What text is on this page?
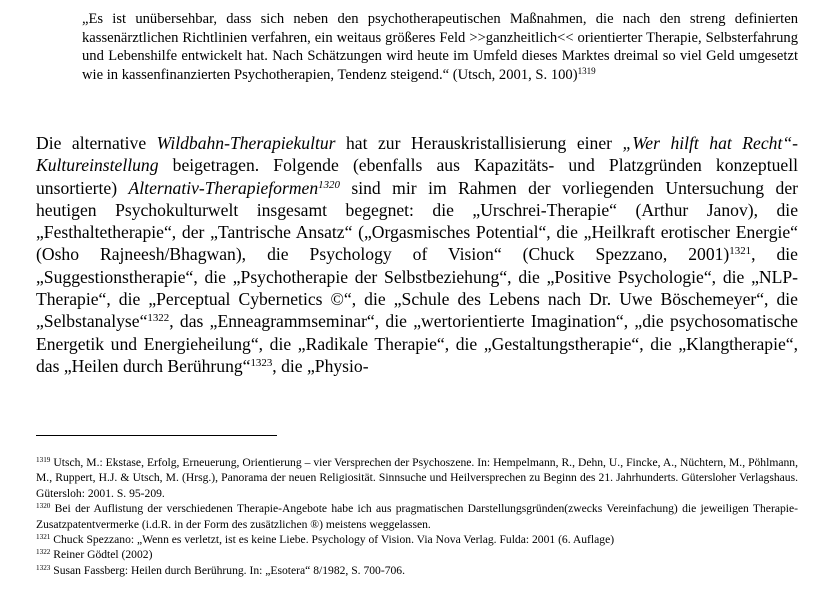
„Es ist unübersehbar, dass sich neben den psychotherapeutischen Maßnahmen, die nach den streng definierten kassenärztlichen Richtlinien verfahren, ein weitaus größeres Feld >>ganzheitlich<< orientierter Therapie, Selbsterfahrung und Lebenshilfe entwickelt hat. Nach Schätzungen wird heute im Umfeld dieses Marktes dreimal so viel Geld umgesetzt wie in kassenfinanzierten Psychotherapien, Tendenz steigend.“ (Utsch, 2001, S. 100)$^{1319}$
Die alternative Wildbahn-Therapiekultur hat zur Herauskristallisierung einer „Wer hilft hat Recht“-Kultureinstellung beigetragen. Folgende (ebenfalls aus Kapazitäts- und Platzgründen konzeptuell unsortierte) Alternativ-Therapieformen$^{1320}$ sind mir im Rahmen der vorliegenden Untersuchung der heutigen Psychokulturwelt insgesamt begegnet: die „Urschrei-Therapie“ (Arthur Janov), die „Festhaltetherapie“, der „Tantrische Ansatz“ („Orgasmisches Potential“, die „Heilkraft erotischer Energie“ (Osho Rajneesh/Bhagwan), die Psychology of Vision“ (Chuck Spezzano, 2001)$^{1321}$, die „Suggestionstherapie“, die „Psychotherapie der Selbstbeziehung“, die „Positive Psychologie“, die „NLP-Therapie“, die „Perceptual Cybernetics ©“, die „Schule des Lebens nach Dr. Uwe Böschemeyer“, die „Selbstanalyse“$^{1322}$, das „Enneagrammseminar“, die „wertorientierte Imagination“, „die psychosomatische Energetik und Energieheilung“, die „Radikale Therapie“, die „Gestaltungstherapie“, die „Klangtherapie“, das „Heilen durch Berührung“$^{1323}$, die „Physio-
$^{1319}$ Utsch, M.: Ekstase, Erfolg, Erneuerung, Orientierung – vier Versprechen der Psychoszene. In: Hempelmann, R., Dehn, U., Fincke, A., Nüchtern, M., Pöhlmann, M., Ruppert, H.J. & Utsch, M. (Hrsg.), Panorama der neuen Religiosität. Sinnsuche und Heilversprechen zu Beginn des 21. Jahrhunderts. Gütersloher Verlagshaus. Gütersloh: 2001. S. 95-209.
$^{1320}$ Bei der Auflistung der verschiedenen Therapie-Angebote habe ich aus pragmatischen Darstellungsgründen(zwecks Vereinfachung) die jeweiligen Therapie-Zusatzpatentvermerke (i.d.R. in der Form des zusätzlichen ®) meistens weggelassen.
$^{1321}$ Chuck Spezzano: „Wenn es verletzt, ist es keine Liebe. Psychology of Vision. Via Nova Verlag. Fulda: 2001 (6. Auflage)
$^{1322}$ Reiner Gödtel (2002)
$^{1323}$ Susan Fassberg: Heilen durch Berührung. In: „Esotera“ 8/1982, S. 700-706.
